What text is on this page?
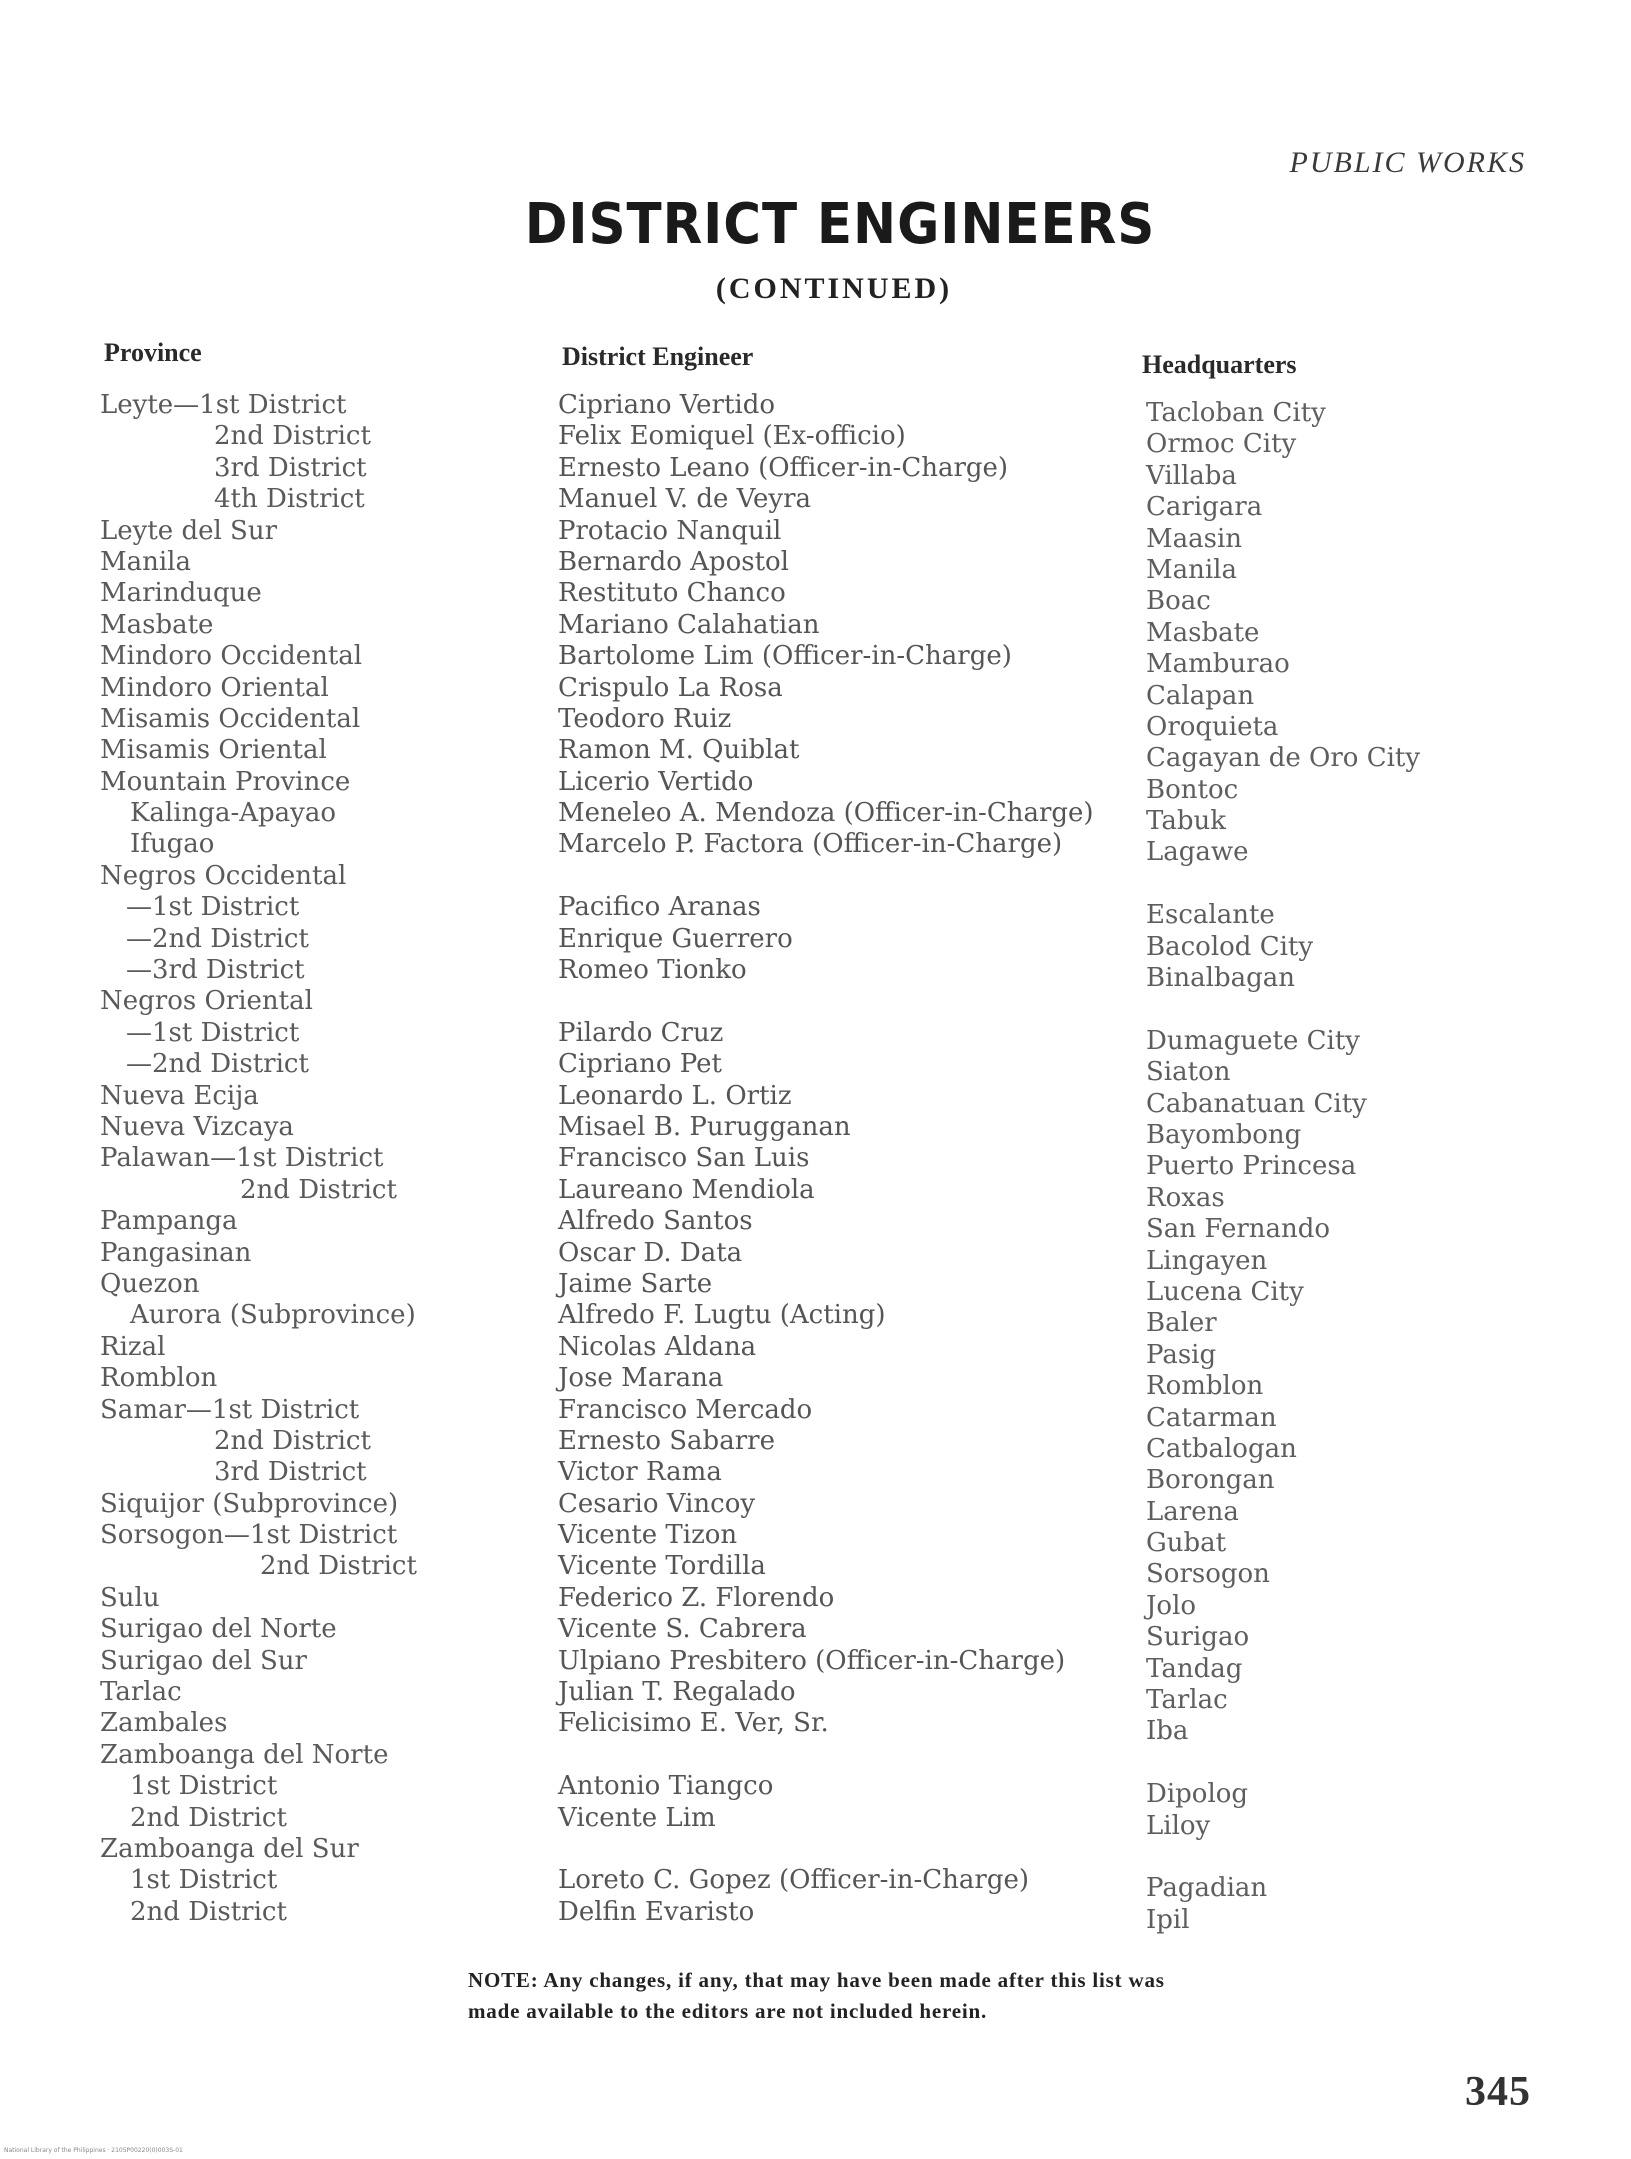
PUBLIC WORKS
DISTRICT ENGINEERS
(CONTINUED)
Province	District Engineer	Headquarters
Leyte—1st District
2nd District
3rd District
4th District
Leyte del Sur
Manila
Marinduque
Masbate
Mindoro Occidental
Mindoro Oriental
Misamis Occidental
Misamis Oriental
Mountain Province
Kalinga-Apayao
Ifugao
Negros Occidental
—1st District
—2nd District
—3rd District
Negros Oriental
—1st District
—2nd District
Nueva Ecija
Nueva Vizcaya
Palawan—1st District
2nd District
Pampanga
Pangasinan
Quezon
Aurora (Subprovince)
Rizal
Romblon
Samar—1st District
2nd District
3rd District
Siquijor (Subprovince)
Sorsogon—1st District
2nd District
Sulu
Surigao del Norte
Surigao del Sur
Tarlac
Zambales
Zamboanga del Norte
1st District
2nd District
Zamboanga del Sur
1st District
2nd District
Cipriano Vertido
Felix Eomiquel (Ex-officio)
Ernesto Leano (Officer-in-Charge)
Manuel V. de Veyra
Protacio Nanquil
Bernardo Apostol
Restituto Chanco
Mariano Calahatian
Bartolome Lim (Officer-in-Charge)
Crispulo La Rosa
Teodoro Ruiz
Ramon M. Quiblat
Licerio Vertido
Meneleo A. Mendoza (Officer-in-Charge)
Marcelo P. Factora (Officer-in-Charge)
Pacifico Aranas
Enrique Guerrero
Romeo Tionko
Pilardo Cruz
Cipriano Pet
Leonardo L. Ortiz
Misael B. Purugganan
Francisco San Luis
Laureano Mendiola
Alfredo Santos
Oscar D. Data
Jaime Sarte
Alfredo F. Lugtu (Acting)
Nicolas Aldana
Jose Marana
Francisco Mercado
Ernesto Sabarre
Victor Rama
Cesario Vincoy
Vicente Tizon
Vicente Tordilla
Federico Z. Florendo
Vicente S. Cabrera
Ulpiano Presbitero (Officer-in-Charge)
Julian T. Regalado
Felicisimo E. Ver, Sr.
Antonio Tiangco
Vicente Lim
Loreto C. Gopez (Officer-in-Charge)
Delfin Evaristo
Tacloban City
Ormoc City
Villaba
Carigara
Maasin
Manila
Boac
Masbate
Mamburao
Calapan
Oroquieta
Cagayan de Oro City
Bontoc
Tabuk
Lagawe
Escalante
Bacolod City
Binalbagan
Dumaguete City
Siaton
Cabanatuan City
Bayombong
Puerto Princesa
Roxas
San Fernando
Lingayen
Lucena City
Baler
Pasig
Romblon
Catarman
Catbalogan
Borongan
Larena
Gubat
Sorsogon
Jolo
Surigao
Tandag
Tarlac
Iba
Dipolog
Liloy
Pagadian
Ipil
NOTE: Any changes, if any, that may have been made after this list was made available to the editors are not included herein.
345
National Library of the Philippines · 2105P00220(0)003S-01
